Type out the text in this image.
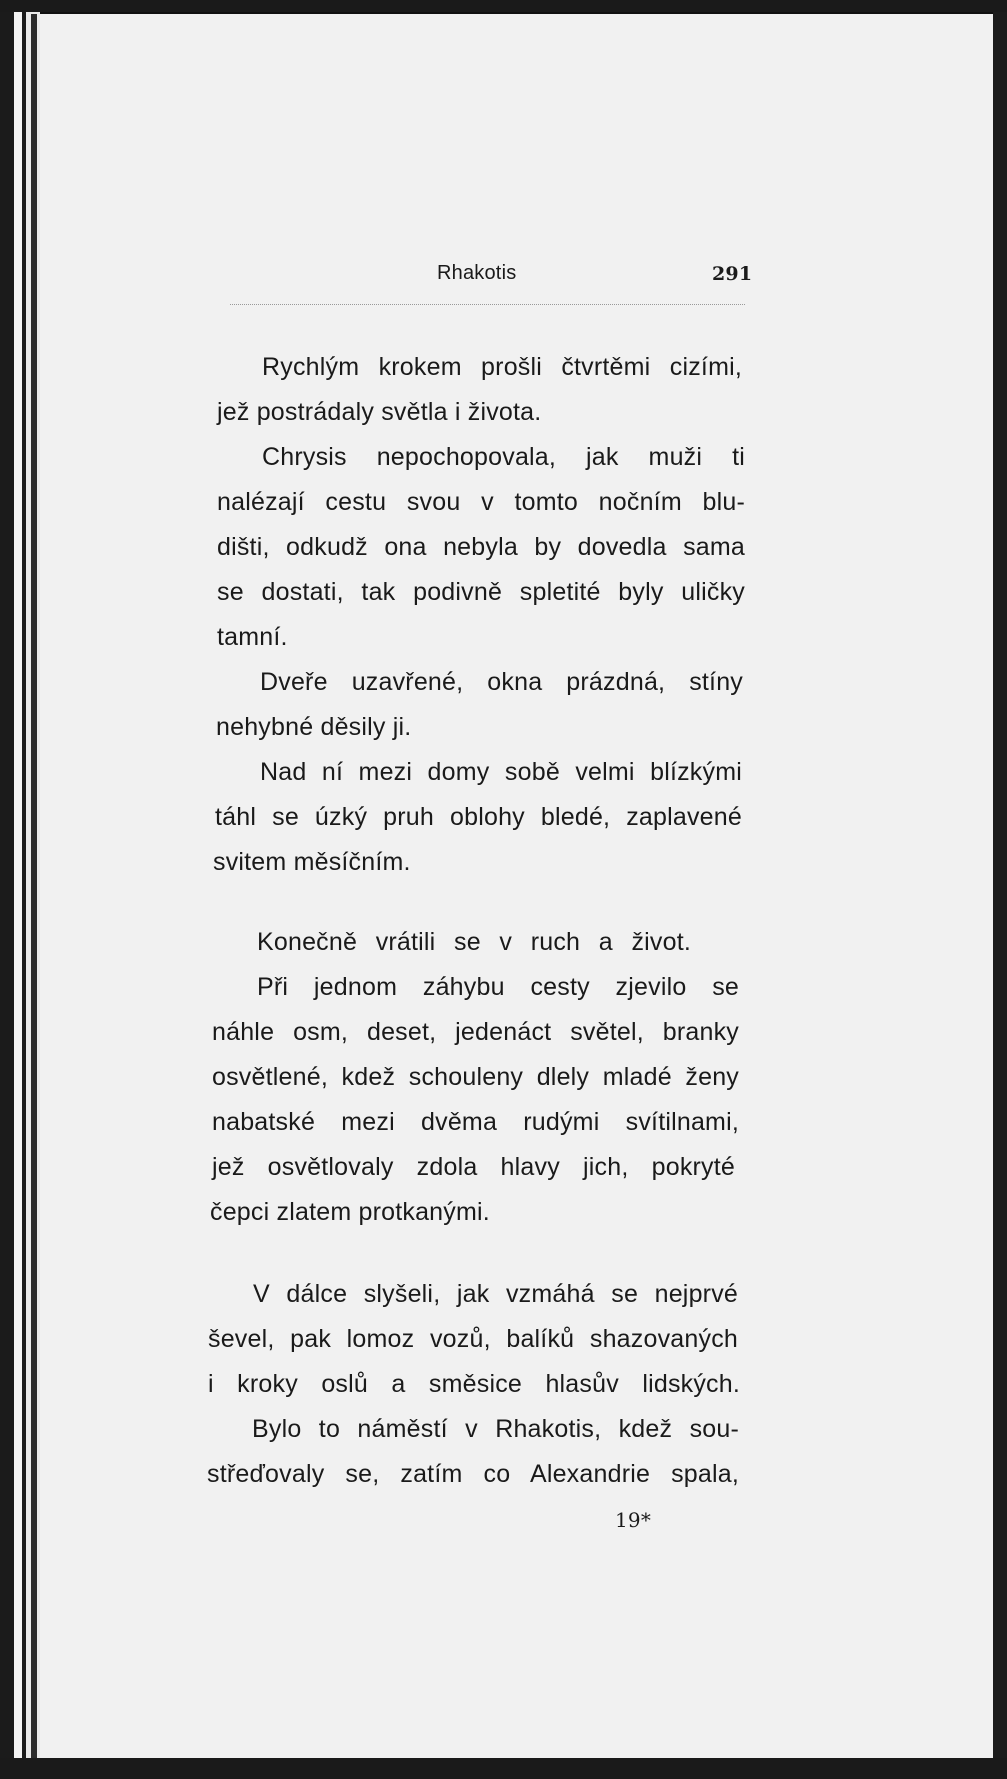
Rhakotis	291
Rychlým krokem prošli čtvrtěmi cizími,
jež postrádaly světla i života.
Chrysis nepochopovala, jak muži ti
nalézají cestu svou v tomto nočním blu-
dišti, odkudž ona nebyla by dovedla sama
se dostati, tak podivně spletité byly uličky
tamní.
Dveře uzavřené, okna prázdná, stíny
nehybné děsily ji.
Nad ní mezi domy sobě velmi blízkými
táhl se úzký pruh oblohy bledé, zaplavené
svitem měsíčním.
Konečně vrátili se v ruch a život.
Při jednom záhybu cesty zjevilo se
náhle osm, deset, jedenáct světel, branky
osvětlené, kdež schouleny dlely mladé ženy
nabatské mezi dvěma rudými svítilnami,
jež osvětlovaly zdola hlavy jich, pokryté
čepci zlatem protkanými.
V dálce slyšeli, jak vzmáhá se nejprvé
ševel, pak lomoz vozů, balíků shazovaných
i kroky oslů a směsice hlasův lidských.
Bylo to náměstí v Rhakotis, kdež sou-
střeďovaly se, zatím co Alexandrie spala,
19*
